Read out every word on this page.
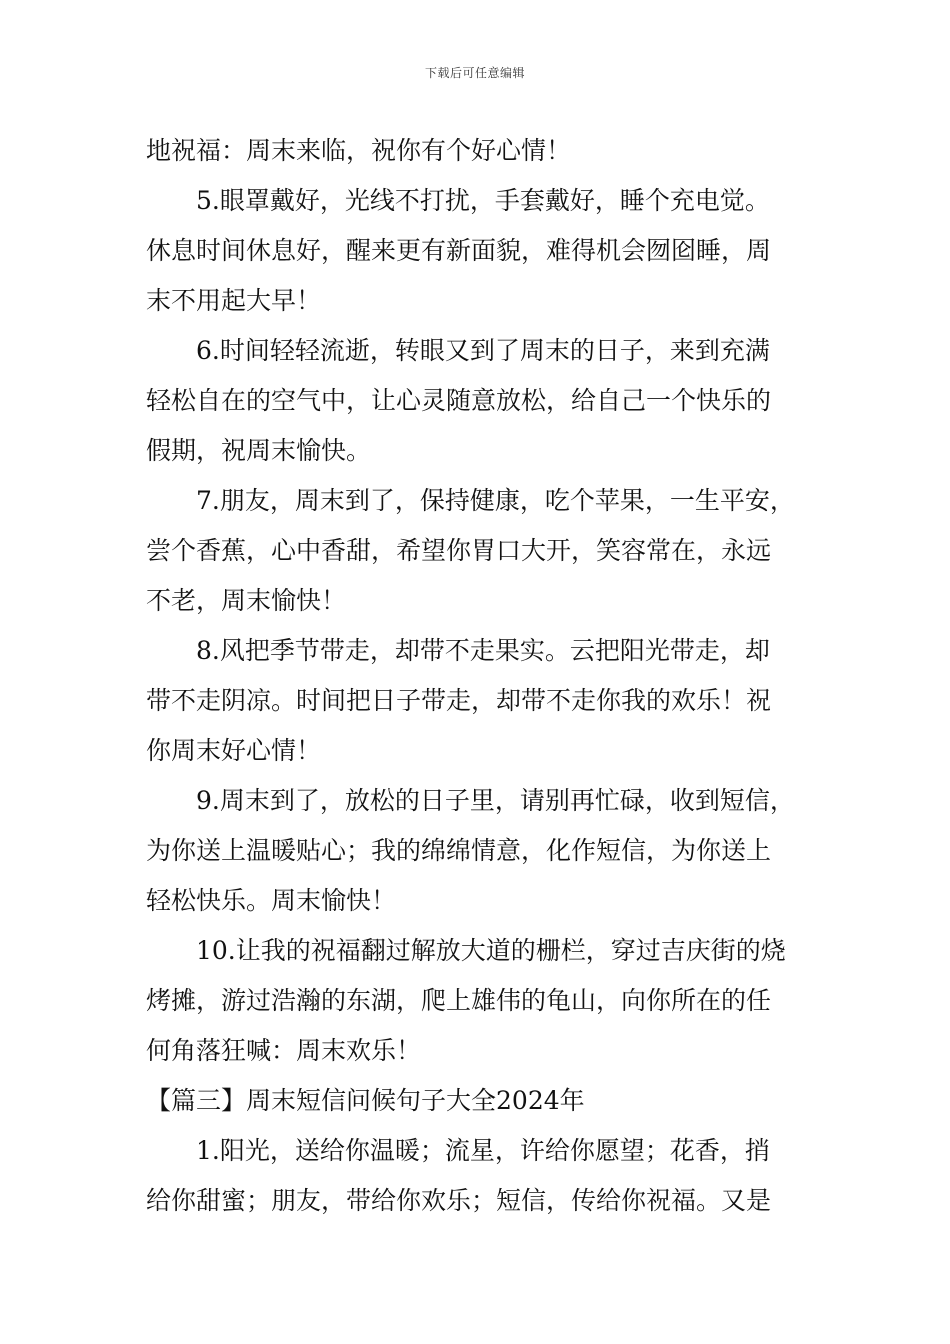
下载后可任意编辑
地祝福：周末来临，祝你有个好心情！
5.眼罩戴好，光线不打扰，手套戴好，睡个充电觉。
休息时间休息好，醒来更有新面貌，难得机会囫囵睡，周
末不用起大早！
6.时间轻轻流逝，转眼又到了周末的日子，来到充满
轻松自在的空气中，让心灵随意放松，给自己一个快乐的
假期，祝周末愉快。
7.朋友，周末到了，保持健康，吃个苹果，一生平安，
尝个香蕉，心中香甜，希望你胃口大开，笑容常在，永远
不老，周末愉快！
8.风把季节带走，却带不走果实。云把阳光带走，却
带不走阴凉。时间把日子带走，却带不走你我的欢乐！祝
你周末好心情！
9.周末到了，放松的日子里，请别再忙碌，收到短信，
为你送上温暖贴心；我的绵绵情意，化作短信，为你送上
轻松快乐。周末愉快！
10.让我的祝福翻过解放大道的栅栏，穿过吉庆街的烧
烤摊，游过浩瀚的东湖，爬上雄伟的龟山，向你所在的任
何角落狂喊：周末欢乐！
【篇三】周末短信问候句子大全2024年
1.阳光，送给你温暖；流星，许给你愿望；花香，捎
给你甜蜜；朋友，带给你欢乐；短信，传给你祝福。又是
